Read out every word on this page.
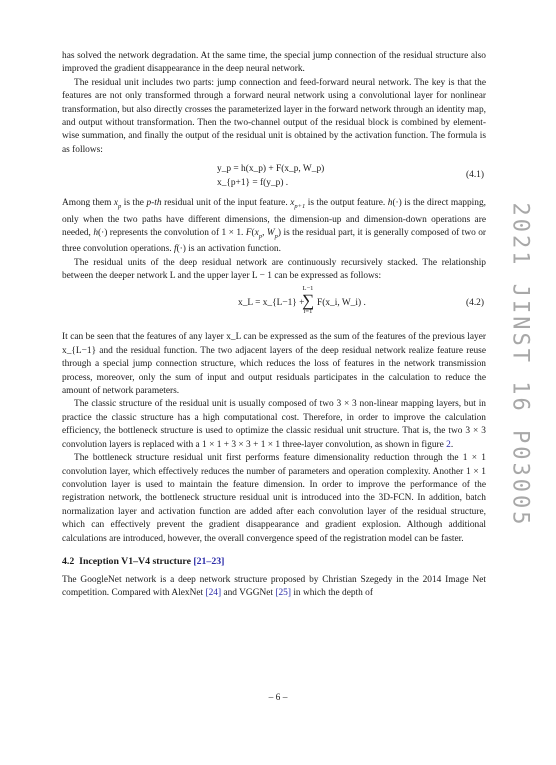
has solved the network degradation. At the same time, the special jump connection of the residual structure also improved the gradient disappearance in the deep neural network.

The residual unit includes two parts: jump connection and feed-forward neural network. The key is that the features are not only transformed through a forward neural network using a convolutional layer for nonlinear transformation, but also directly crosses the parameterized layer in the forward network through an identity map, and output without transformation. Then the two-channel output of the residual block is combined by element-wise summation, and finally the output of the residual unit is obtained by the activation function. The formula is as follows:

y_p = h(x_p) + F(x_p, W_p)
x_{p+1} = f(y_p) .
(4.1)

Among them $x_p$ is the p-th residual unit of the input feature. $x_{p+1}$ is the output feature. h(·) is the direct mapping, only when the two paths have different dimensions, the dimension-up and dimension-down operations are needed, h(·) represents the convolution of 1 × 1. $F(x_p$, $W_p$) is the residual part, it is generally composed of two or three convolution operations. f(·) is an activation function.

The residual units of the deep residual network are continuously recursively stacked. The relationship between the deeper network L and the upper layer L − 1 can be expressed as follows:

x_L = x_{L−1} +
L−1
∑
i=1
F(x_i, W_i) .	(4.2)

It can be seen that the features of any layer x_L can be expressed as the sum of the features of the previous layer x_{L−1} and the residual function. The two adjacent layers of the deep residual network realize feature reuse through a special jump connection structure, which reduces the loss of features in the network transmission process, moreover, only the sum of input and output residuals participates in the calculation to reduce the amount of network parameters.

The classic structure of the residual unit is usually composed of two 3 × 3 non-linear mapping layers, but in practice the classic structure has a high computational cost. Therefore, in order to improve the calculation efficiency, the bottleneck structure is used to optimize the classic residual unit structure. That is, the two 3 × 3 convolution layers is replaced with a 1 × 1 + 3 × 3 + 1 × 1 three-layer convolution, as shown in figure 2.

The bottleneck structure residual unit first performs feature dimensionality reduction through the 1 × 1 convolution layer, which effectively reduces the number of parameters and operation complexity. Another 1 × 1 convolution layer is used to maintain the feature dimension. In order to improve the performance of the registration network, the bottleneck structure residual unit is introduced into the 3D-FCN. In addition, batch normalization layer and activation function are added after each convolution layer of the residual structure, which can effectively prevent the gradient disappearance and gradient explosion. Although additional calculations are introduced, however, the overall convergence speed of the registration model can be faster.

4.2 Inception V1–V4 structure [21–23]

The GoogleNet network is a deep network structure proposed by Christian Szegedy in the 2014 Image Net competition. Compared with AlexNet [24] and VGGNet [25] in which the depth of

2021 JINST 16 P03005
– 6 –
